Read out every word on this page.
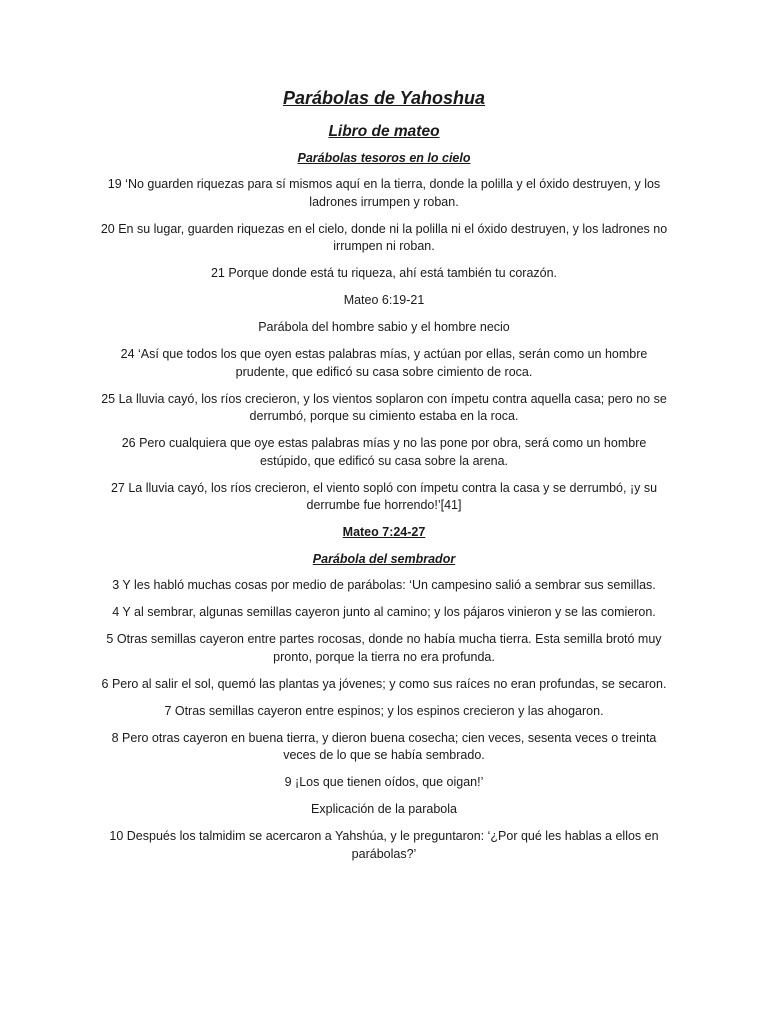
Parábolas de Yahoshua
Libro de mateo
Parábolas tesoros en lo cielo

19 ‘No guarden riquezas para sí mismos aquí en la tierra, donde la polilla y el óxido destruyen, y los ladrones irrumpen y roban.

20 En su lugar, guarden riquezas en el cielo, donde ni la polilla ni el óxido destruyen, y los ladrones no irrumpen ni roban.

21 Porque donde está tu riqueza, ahí está también tu corazón.

Mateo 6:19-21

Parábola del hombre sabio y el hombre necio

24 ‘Así que todos los que oyen estas palabras mías, y actúan por ellas, serán como un hombre prudente, que edificó su casa sobre cimiento de roca.

25 La lluvia cayó, los ríos crecieron, y los vientos soplaron con ímpetu contra aquella casa; pero no se derrumbó, porque su cimiento estaba en la roca.

26 Pero cualquiera que oye estas palabras mías y no las pone por obra, será como un hombre estúpido, que edificó su casa sobre la arena.

27 La lluvia cayó, los ríos crecieron, el viento sopló con ímpetu contra la casa y se derrumbó, ¡y su derrumbe fue horrendo!’[41]

Mateo 7:24-27

Parábola del sembrador

3 Y les habló muchas cosas por medio de parábolas: ‘Un campesino salió a sembrar sus semillas.

4 Y al sembrar, algunas semillas cayeron junto al camino; y los pájaros vinieron y se las comieron.

5 Otras semillas cayeron entre partes rocosas, donde no había mucha tierra. Esta semilla brotó muy pronto, porque la tierra no era profunda.

6 Pero al salir el sol, quemó las plantas ya jóvenes; y como sus raíces no eran profundas, se secaron.

7 Otras semillas cayeron entre espinos; y los espinos crecieron y las ahogaron.

8 Pero otras cayeron en buena tierra, y dieron buena cosecha; cien veces, sesenta veces o treinta veces de lo que se había sembrado.

9 ¡Los que tienen oídos, que oigan!’

Explicación de la parabola

10 Después los talmidim se acercaron a Yahshúa, y le preguntaron: ‘¿Por qué les hablas a ellos en parábolas?’
